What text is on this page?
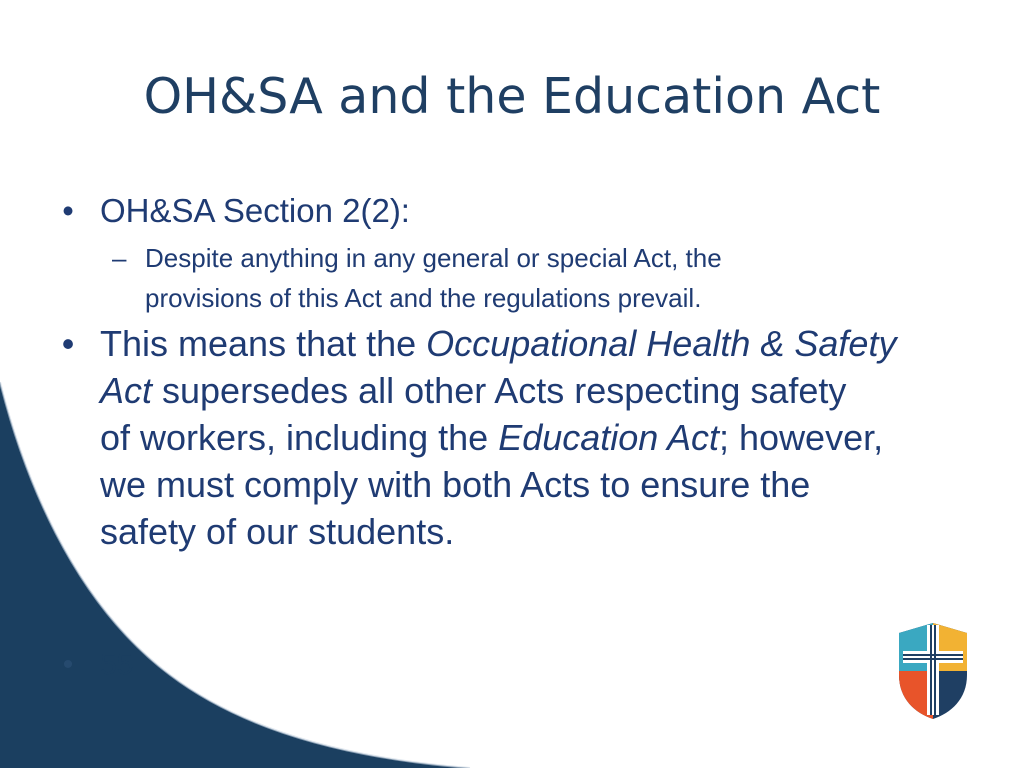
OH&SA and the Education Act
• OH&SA Section 2(2):
– Despite anything in any general or special Act, the
provisions of this Act and the regulations prevail.
• This means that the Occupational Health & Safety
Act supersedes all other Acts respecting safety
of workers, including the Education Act; however,
we must comply with both Acts to ensure the
safety of our students.
• 55
